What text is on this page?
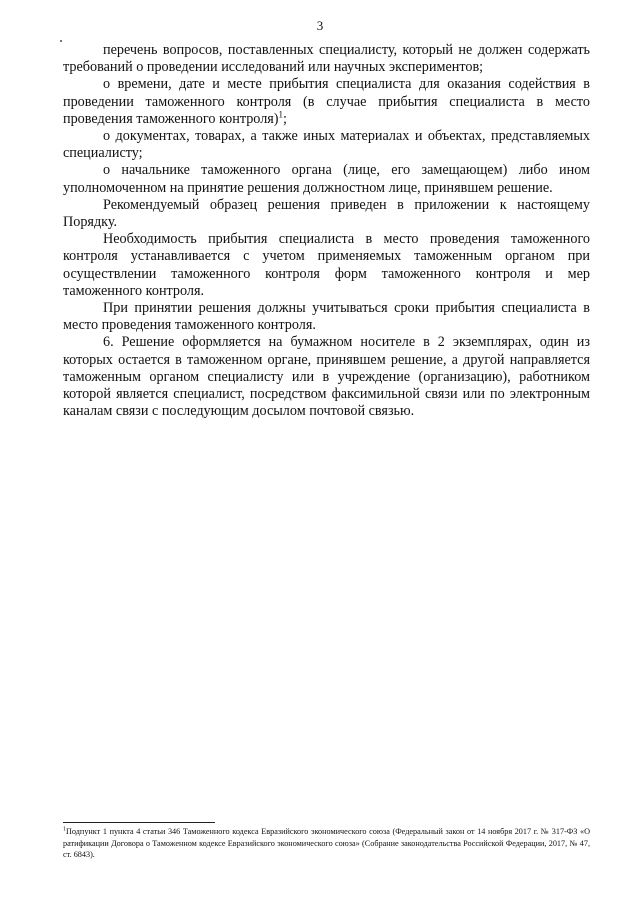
3

перечень вопросов, поставленных специалисту, который не должен содержать требований о проведении исследований или научных экспериментов;

о времени, дате и месте прибытия специалиста для оказания содействия в проведении таможенного контроля (в случае прибытия специалиста в место проведения таможенного контроля)$^1$;

о документах, товарах, а также иных материалах и объектах, представляемых специалисту;

о начальнике таможенного органа (лице, его замещающем) либо ином уполномоченном на принятие решения должностном лице, принявшем решение.

Рекомендуемый образец решения приведен в приложении к настоящему Порядку.

Необходимость прибытия специалиста в место проведения таможенного контроля устанавливается с учетом применяемых таможенным органом при осуществлении таможенного контроля форм таможенного контроля и мер таможенного контроля.

При принятии решения должны учитываться сроки прибытия специалиста в место проведения таможенного контроля.

6. Решение оформляется на бумажном носителе в 2 экземплярах, один из которых остается в таможенном органе, принявшем решение, а другой направляется таможенным органом специалисту или в учреждение (организацию), работником которой является специалист, посредством факсимильной связи или по электронным каналам связи с последующим досылом почтовой связью.

$^1$Подпункт 1 пункта 4 статьи 346 Таможенного кодекса Евразийского экономического союза (Федеральный закон от 14 ноября 2017 г. № 317-ФЗ «О ратификации Договора о Таможенном кодексе Евразийского экономического союза» (Собрание законодательства Российской Федерации, 2017, № 47, ст. 6843).
